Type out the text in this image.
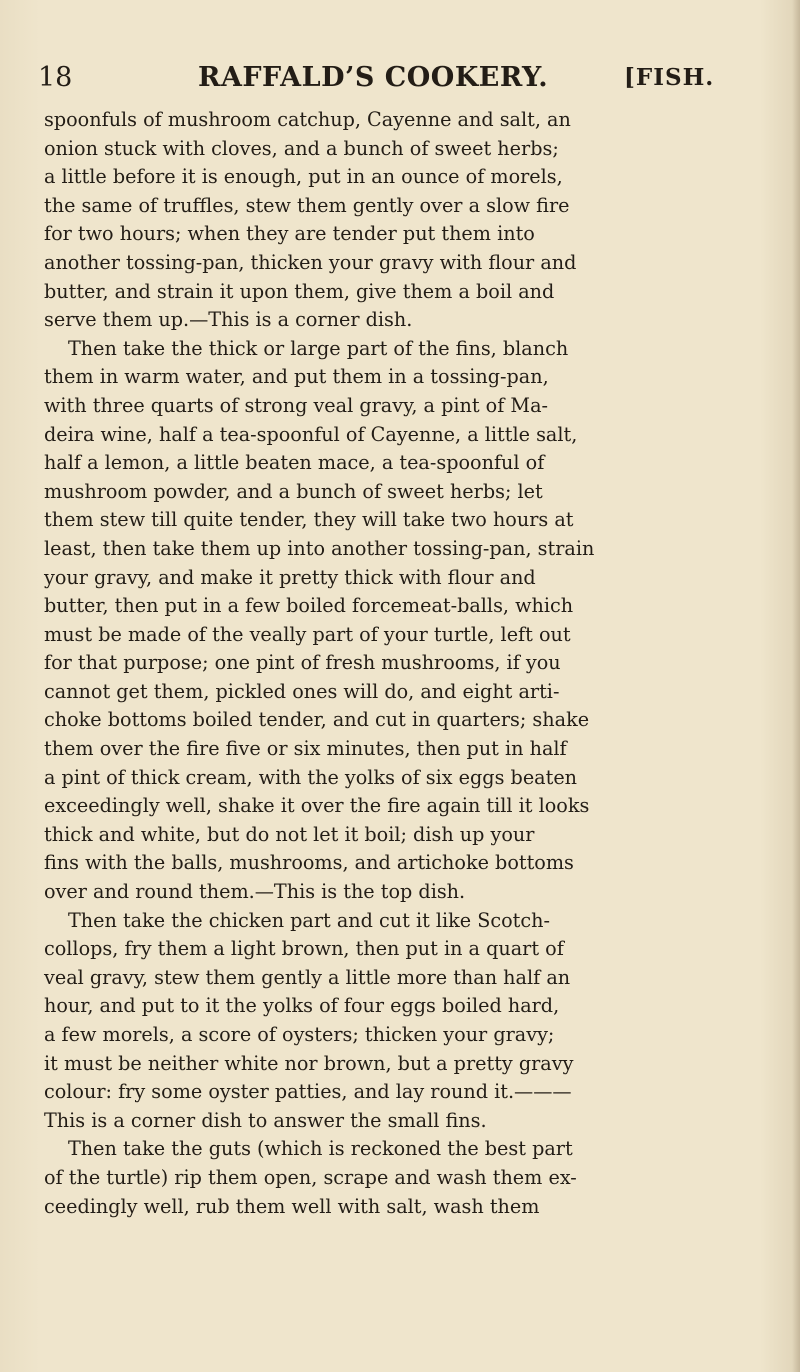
18	RAFFALD’S COOKERY.	[FISH.
spoonfuls of mushroom catchup, Cayenne and salt, an
onion stuck with cloves, and a bunch of sweet herbs;
a little before it is enough, put in an ounce of morels,
the same of truffles, stew them gently over a slow fire
for two hours; when they are tender put them into
another tossing-pan, thicken your gravy with flour and
butter, and strain it upon them, give them a boil and
serve them up.—This is a corner dish.
Then take the thick or large part of the fins, blanch
them in warm water, and put them in a tossing-pan,
with three quarts of strong veal gravy, a pint of Ma-
deira wine, half a tea-spoonful of Cayenne, a little salt,
half a lemon, a little beaten mace, a tea-spoonful of
mushroom powder, and a bunch of sweet herbs; let
them stew till quite tender, they will take two hours at
least, then take them up into another tossing-pan, strain
your gravy, and make it pretty thick with flour and
butter, then put in a few boiled forcemeat-balls, which
must be made of the veally part of your turtle, left out
for that purpose; one pint of fresh mushrooms, if you
cannot get them, pickled ones will do, and eight arti-
choke bottoms boiled tender, and cut in quarters; shake
them over the fire five or six minutes, then put in half
a pint of thick cream, with the yolks of six eggs beaten
exceedingly well, shake it over the fire again till it looks
thick and white, but do not let it boil; dish up your
fins with the balls, mushrooms, and artichoke bottoms
over and round them.—This is the top dish.
Then take the chicken part and cut it like Scotch-
collops, fry them a light brown, then put in a quart of
veal gravy, stew them gently a little more than half an
hour, and put to it the yolks of four eggs boiled hard,
a few morels, a score of oysters; thicken your gravy;
it must be neither white nor brown, but a pretty gravy
colour: fry some oyster patties, and lay round it.———
This is a corner dish to answer the small fins.
Then take the guts (which is reckoned the best part
of the turtle) rip them open, scrape and wash them ex-
ceedingly well, rub them well with salt, wash them
